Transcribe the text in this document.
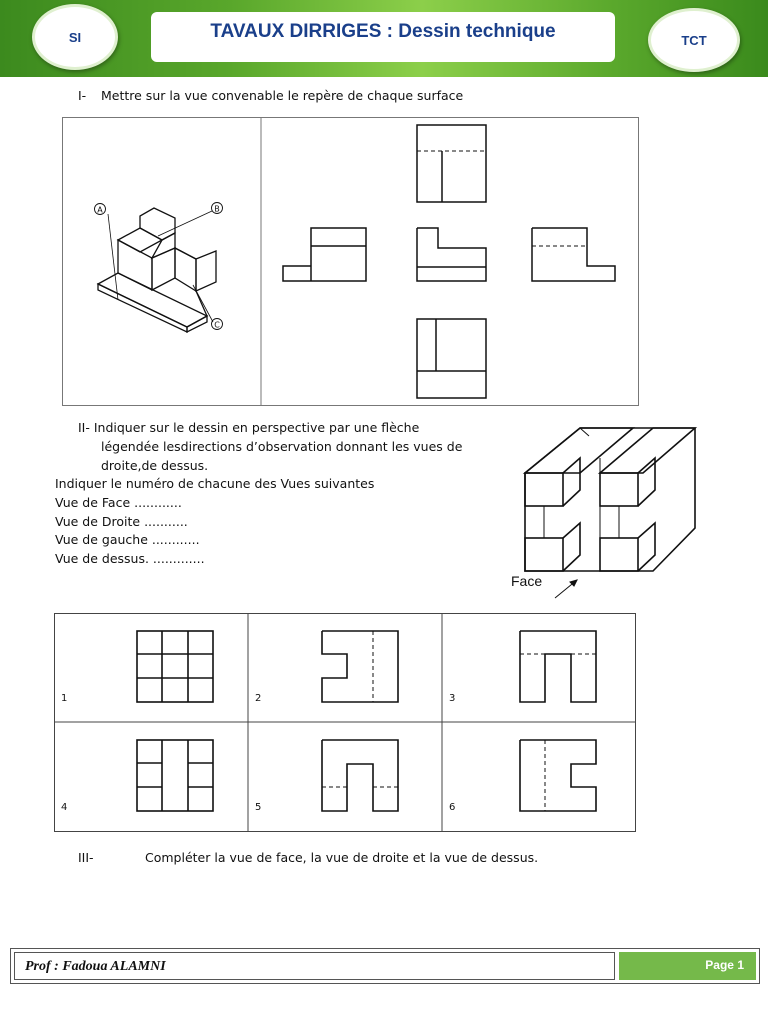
SI	TAVAUX DIRRIGES : Dessin technique	TCT
I- Mettre sur la vue convenable le repère de chaque surface
A	B
C
II- Indiquer sur le dessin en perspective par une flèche
légendée lesdirections d’observation donnant les vues de
droite,de dessus.
Indiquer le numéro de chacune des Vues suivantes
Vue de Face ............
Vue de Droite ...........
Vue de gauche ............
Vue de dessus. .............
Face
1	2	3
4	5	6
III-	Compléter la vue de face, la vue de droite et la vue de dessus.
Prof : Fadoua ALAMNI	Page 1
